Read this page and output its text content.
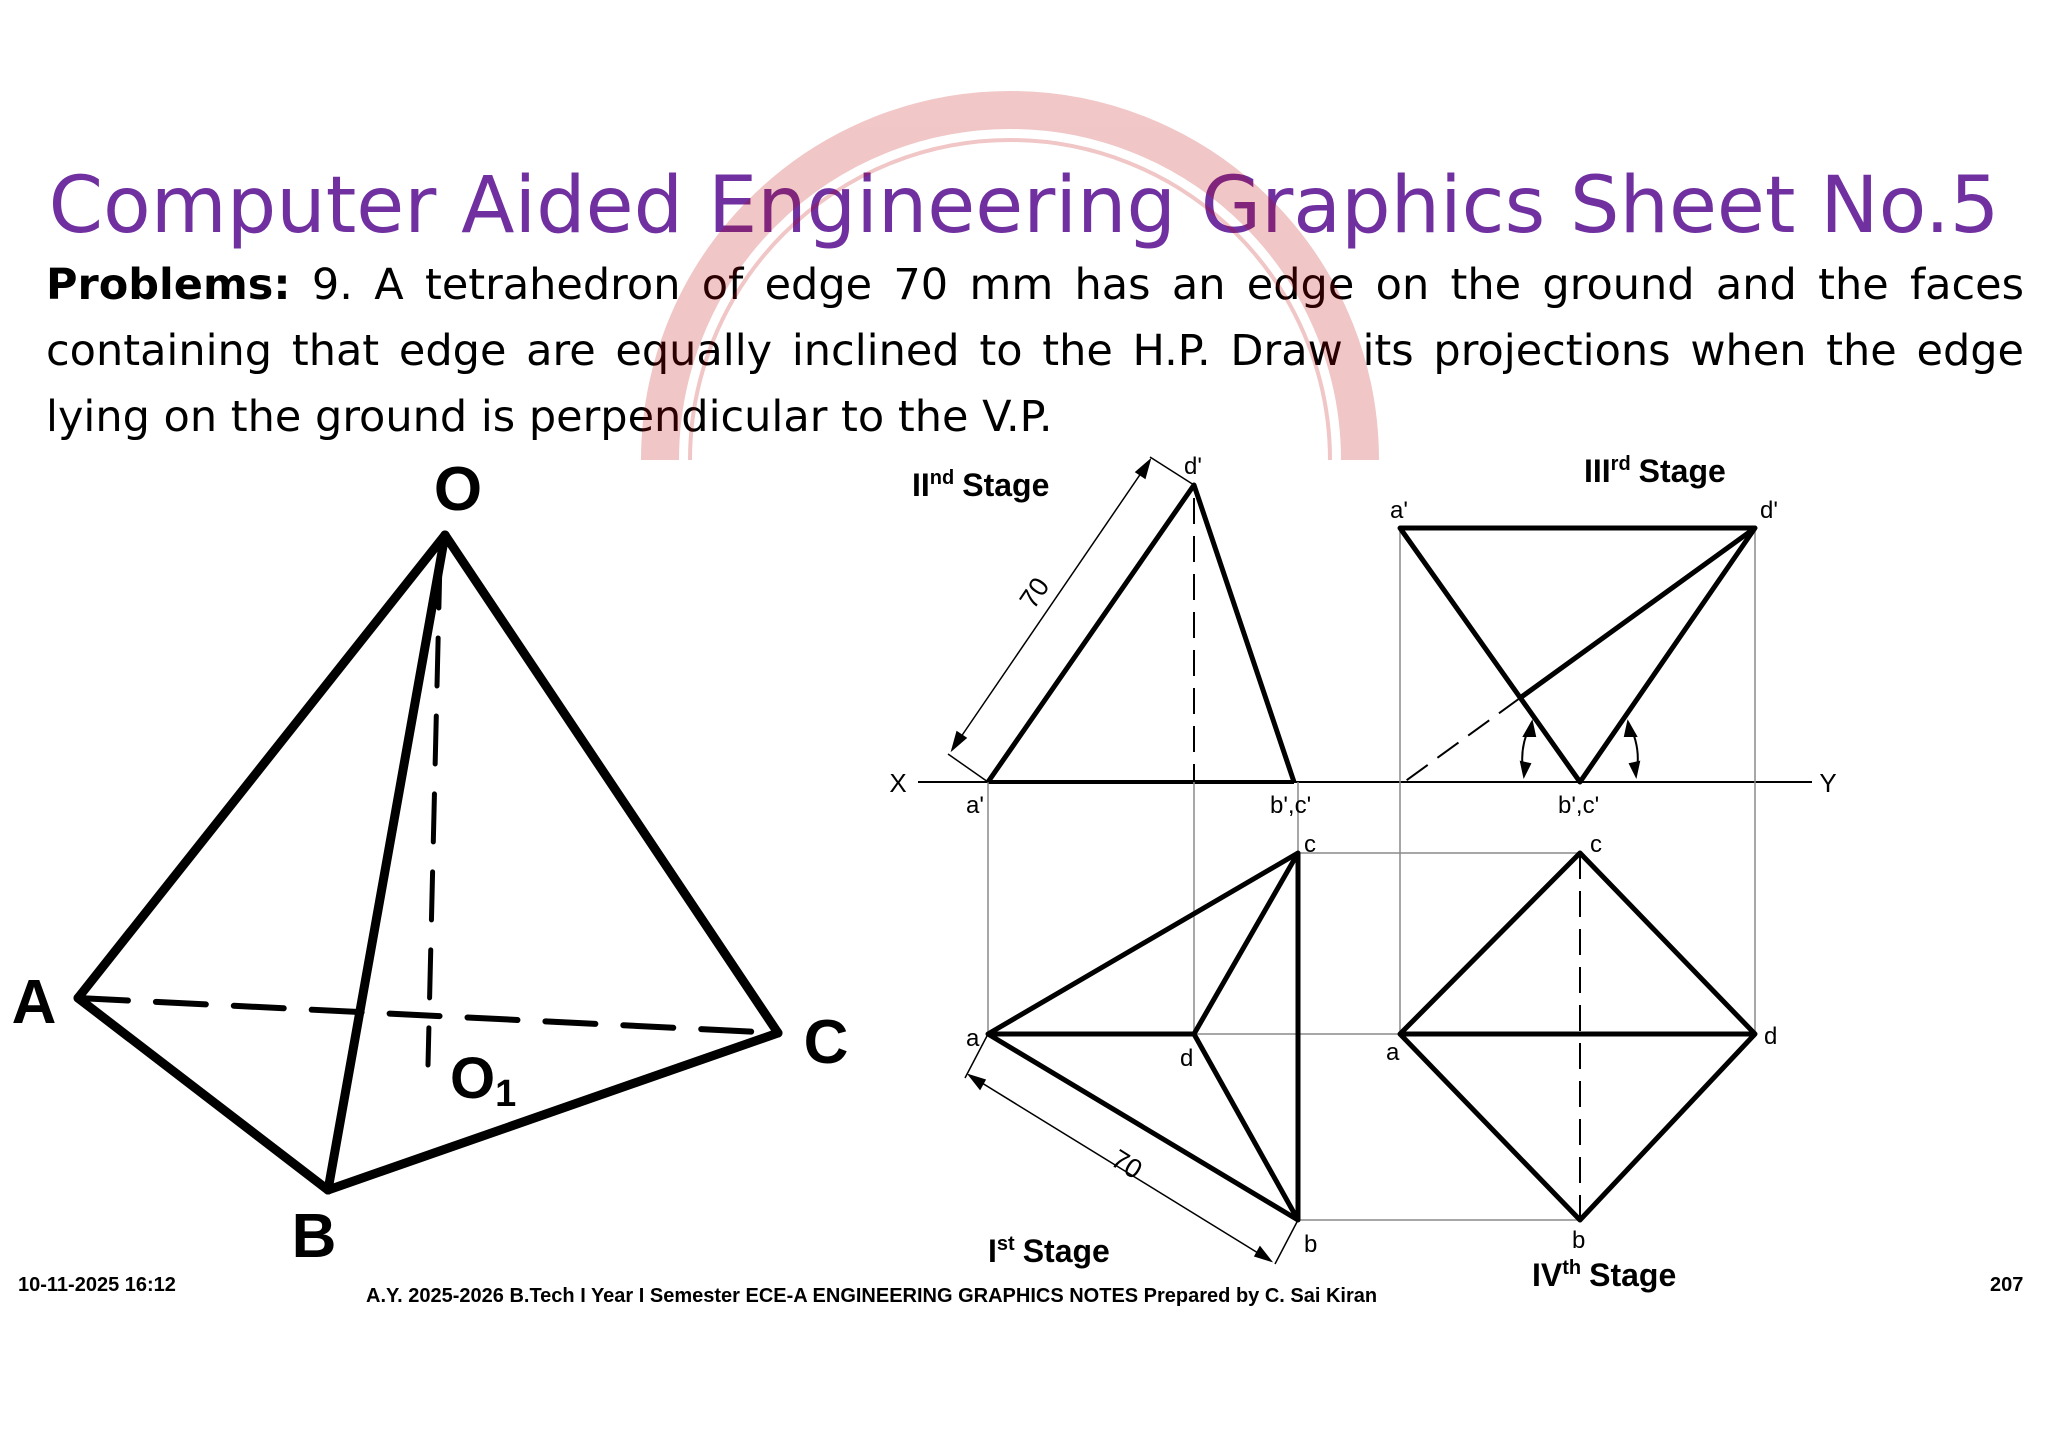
Computer Aided Engineering Graphics Sheet No.5
Problems: 9. A tetrahedron of edge 70 mm has an edge on the ground and the faces containing that edge are equally inclined to the H.P. Draw its projections when the edge lying on the ground is perpendicular to the V.P.
O
A
B
C
O1
X	Y
70
70
d'
a'	b',c'
c
a
d
b
a'	d'
b',c'
c
a
d
b
IInd Stage	IIIrd Stage
Ist Stage
IVth Stage
10-11-2025 16:12	A.Y. 2025-2026 B.Tech I Year I Semester ECE-A ENGINEERING GRAPHICS NOTES Prepared by C. Sai Kiran	207
